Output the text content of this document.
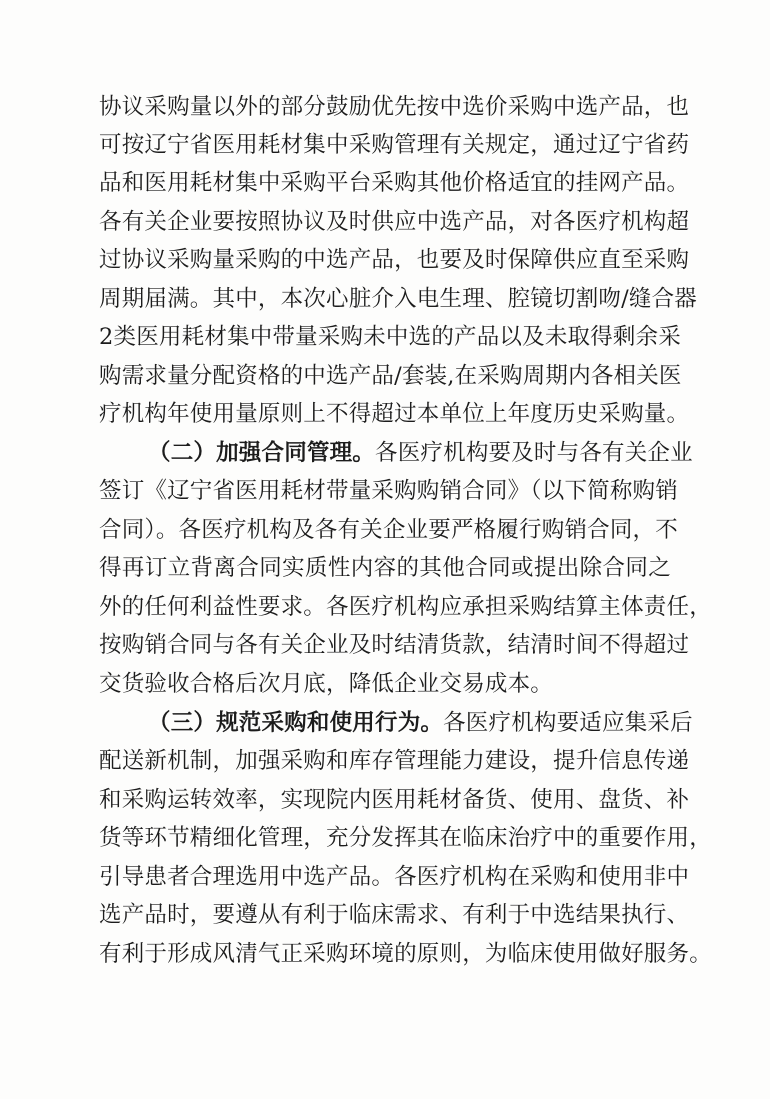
协议采购量以外的部分鼓励优先按中选价采购中选产品，也
可按辽宁省医用耗材集中采购管理有关规定，通过辽宁省药
品和医用耗材集中采购平台采购其他价格适宜的挂网产品。
各有关企业要按照协议及时供应中选产品，对各医疗机构超
过协议采购量采购的中选产品，也要及时保障供应直至采购
周期届满。其中，本次心脏介入电生理、腔镜切割吻/缝合器
2类医用耗材集中带量采购未中选的产品以及未取得剩余采
购需求量分配资格的中选产品/套装,在采购周期内各相关医
疗机构年使用量原则上不得超过本单位上年度历史采购量。
（二）加强合同管理。各医疗机构要及时与各有关企业
签订《辽宁省医用耗材带量采购购销合同》（以下简称购销
合同）。各医疗机构及各有关企业要严格履行购销合同，不
得再订立背离合同实质性内容的其他合同或提出除合同之
外的任何利益性要求。各医疗机构应承担采购结算主体责任，
按购销合同与各有关企业及时结清货款，结清时间不得超过
交货验收合格后次月底，降低企业交易成本。
（三）规范采购和使用行为。各医疗机构要适应集采后
配送新机制，加强采购和库存管理能力建设，提升信息传递
和采购运转效率，实现院内医用耗材备货、使用、盘货、补
货等环节精细化管理，充分发挥其在临床治疗中的重要作用，
引导患者合理选用中选产品。各医疗机构在采购和使用非中
选产品时，要遵从有利于临床需求、有利于中选结果执行、
有利于形成风清气正采购环境的原则，为临床使用做好服务。
